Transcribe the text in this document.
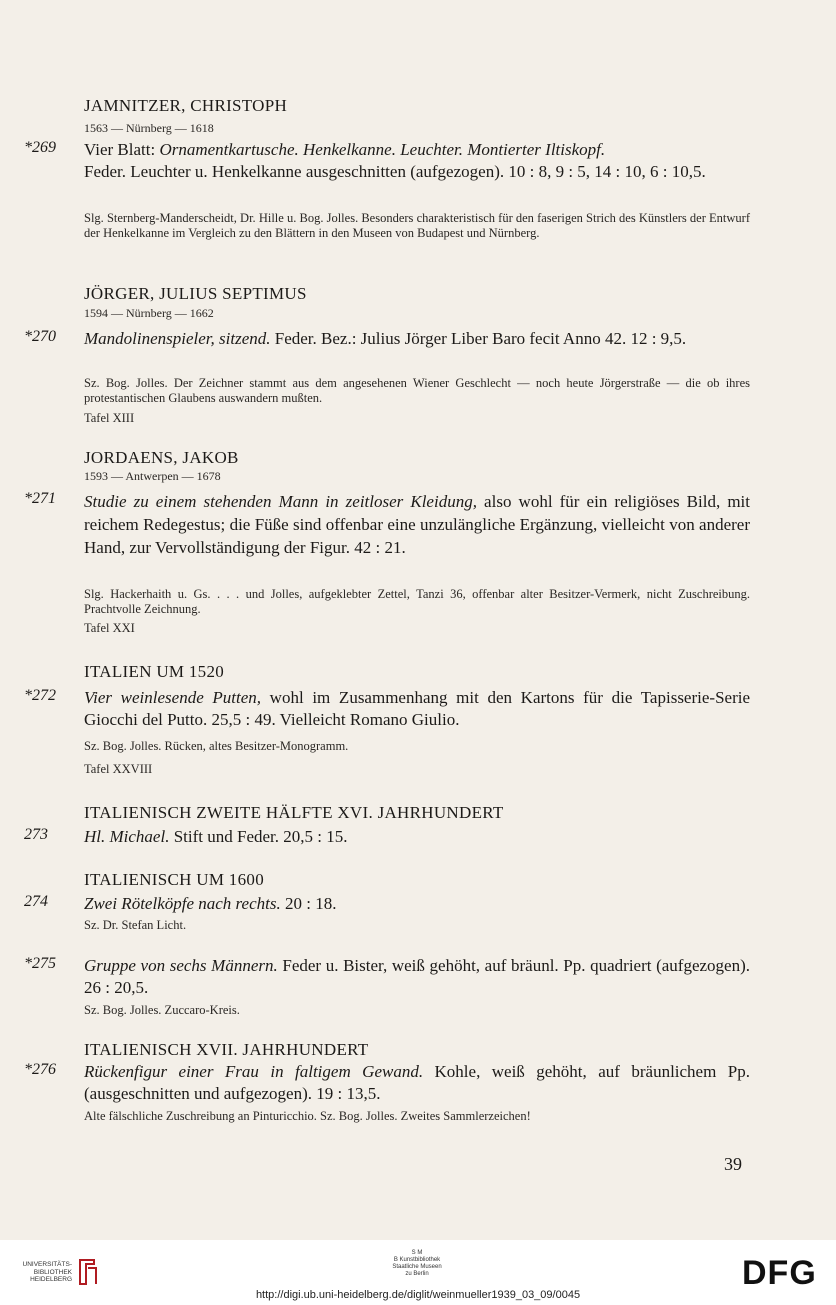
JAMNITZER, CHRISTOPH
1563 — Nürnberg — 1618
*269 Vier Blatt: Ornamentkartusche. Henkelkanne. Leuchter. Montierter Iltiskopf.
Feder. Leuchter u. Henkelkanne ausgeschnitten (aufgezogen). 10 : 8, 9 : 5, 14 : 10, 6 : 10,5.
Slg. Sternberg-Manderscheidt, Dr. Hille u. Bog. Jolles. Besonders charakteristisch für den faserigen Strich des Künstlers der Entwurf der Henkelkanne im Vergleich zu den Blättern in den Museen von Budapest und Nürnberg.
JÖRGER, JULIUS SEPTIMUS
1594 — Nürnberg — 1662
*270 Mandolinenspieler, sitzend. Feder. Bez.: Julius Jörger Liber Baro fecit Anno 42. 12 : 9,5.
Sz. Bog. Jolles. Der Zeichner stammt aus dem angesehenen Wiener Geschlecht — noch heute Jörgerstraße — die ob ihres protestantischen Glaubens auswandern mußten.
Tafel XIII
JORDAENS, JAKOB
1593 — Antwerpen — 1678
*271 Studie zu einem stehenden Mann in zeitloser Kleidung, also wohl für ein religiöses Bild, mit reichem Redegestus; die Füße sind offenbar eine unzulängliche Ergänzung, vielleicht von anderer Hand, zur Vervollständigung der Figur. 42 : 21.
Slg. Hackerhaith u. Gs. . . . und Jolles, aufgeklebter Zettel, Tanzi 36, offenbar alter Besitzer-Vermerk, nicht Zuschreibung. Prachtvolle Zeichnung.
Tafel XXI
ITALIEN UM 1520
*272 Vier weinlesende Putten, wohl im Zusammenhang mit den Kartons für die Tapisserie-Serie Giocchi del Putto. 25,5 : 49. Vielleicht Romano Giulio.
Sz. Bog. Jolles. Rücken, altes Besitzer-Monogramm.
Tafel XXVIII
ITALIENISCH ZWEITE HÄLFTE XVI. JAHRHUNDERT
273 Hl. Michael. Stift und Feder. 20,5 : 15.
ITALIENISCH UM 1600
274 Zwei Rötelköpfe nach rechts. 20 : 18.
Sz. Dr. Stefan Licht.
*275 Gruppe von sechs Männern. Feder u. Bister, weiß gehöht, auf bräunl. Pp. quadriert (aufgezogen). 26 : 20,5.
Sz. Bog. Jolles. Zuccaro-Kreis.
ITALIENISCH XVII. JAHRHUNDERT
*276 Rückenfigur einer Frau in faltigem Gewand. Kohle, weiß gehöht, auf bräunlichem Pp. (ausgeschnitten und aufgezogen). 19 : 13,5.
Alte fälschliche Zuschreibung an Pinturicchio. Sz. Bog. Jolles. Zweites Sammlerzeichen!
39
UNIVERSITÄTS-
BIBLIOTHEK
HEIDELBERG
S M
B Kunstbibliothek
Staatliche Museen
zu Berlin	DFG
http://digi.ub.uni-heidelberg.de/diglit/weinmueller1939_03_09/0045
